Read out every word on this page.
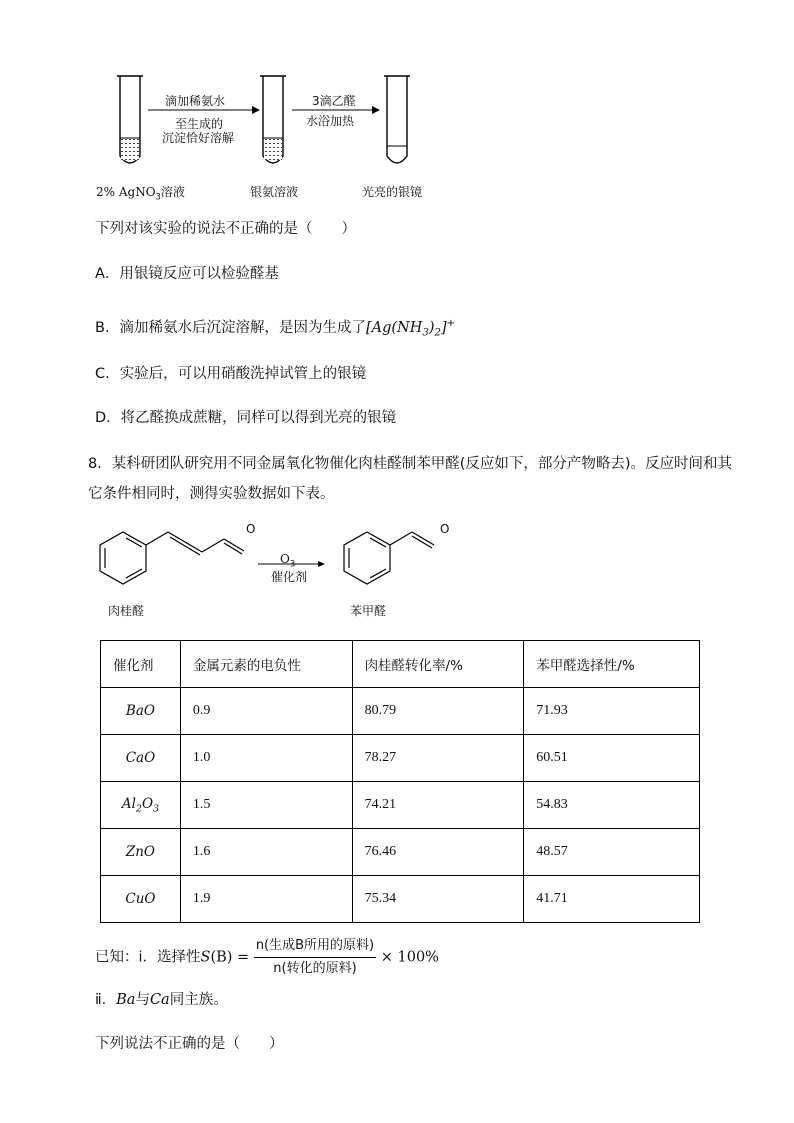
滴加稀氨水
至生成的
沉淀恰好溶解
3滴乙醛
水浴加热
2% AgNO$_3$溶液	银氨溶液	光亮的银镜
下列对该实验的说法不正确的是（　　）
A．用银镜反应可以检验醛基
B．滴加稀氨水后沉淀溶解，是因为生成了$[Ag(NH_3)_2]^+$
C．实验后，可以用硝酸洗掉试管上的银镜
D．将乙醛换成蔗糖，同样可以得到光亮的银镜
8．某科研团队研究用不同金属氧化物催化肉桂醛制苯甲醛(反应如下，部分产物略去)。反应时间和其
它条件相同时，测得实验数据如下表。
O	O
$O_3$
催化剂
肉桂醛	苯甲醛
催化剂	金属元素的电负性	肉桂醛转化率/%	苯甲醛选择性/%
BaO	0.9	80.79	71.93
CaO	1.0	78.27	60.51
$Al_2O_3$	1.5	74.21	54.83
ZnO	1.6	76.46	48.57
CuO	1.9	75.34	41.71
已知：ⅰ．选择性$S(B) = \frac{\text{n(生成B所用的原料)}}{\text{n(转化的原料)}} \times 100\%$
ⅱ．Ba与Ca同主族。
下列说法不正确的是（　　）
